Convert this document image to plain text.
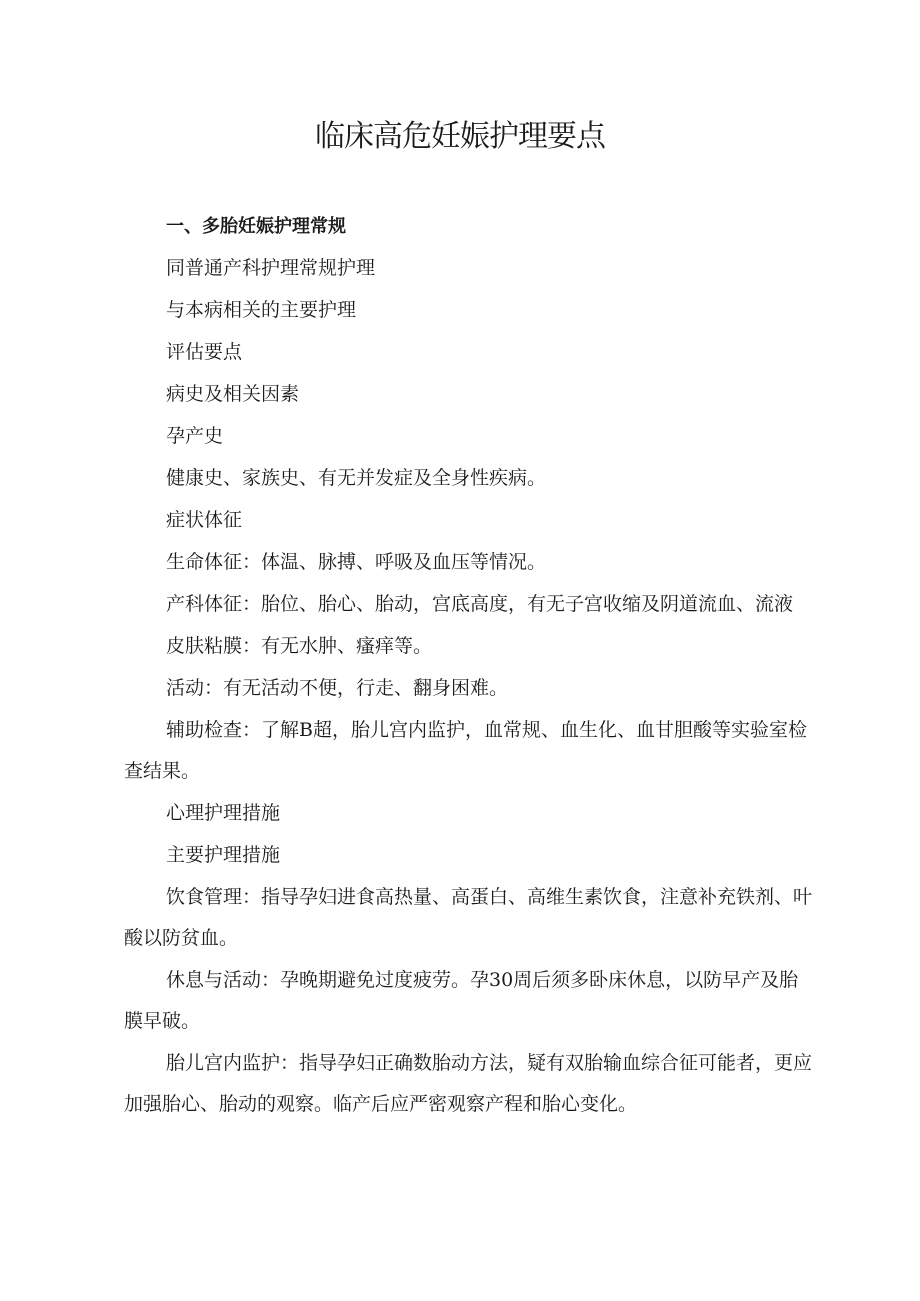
临床高危妊娠护理要点

一、多胎妊娠护理常规

同普通产科护理常规护理

与本病相关的主要护理

评估要点

病史及相关因素

孕产史

健康史、家族史、有无并发症及全身性疾病。

症状体征

生命体征：体温、脉搏、呼吸及血压等情况。

产科体征：胎位、胎心、胎动，宫底高度，有无子宫收缩及阴道流血、流液

皮肤粘膜：有无水肿、瘙痒等。

活动：有无活动不便，行走、翻身困难。

辅助检查：了解B超，胎儿宫内监护，血常规、血生化、血甘胆酸等实验室检查结果。

心理护理措施

主要护理措施

饮食管理：指导孕妇进食高热量、高蛋白、高维生素饮食，注意补充铁剂、叶酸以防贫血。

休息与活动：孕晚期避免过度疲劳。孕30周后须多卧床休息，以防早产及胎膜早破。

胎儿宫内监护：指导孕妇正确数胎动方法，疑有双胎输血综合征可能者，更应加强胎心、胎动的观察。临产后应严密观察产程和胎心变化。
